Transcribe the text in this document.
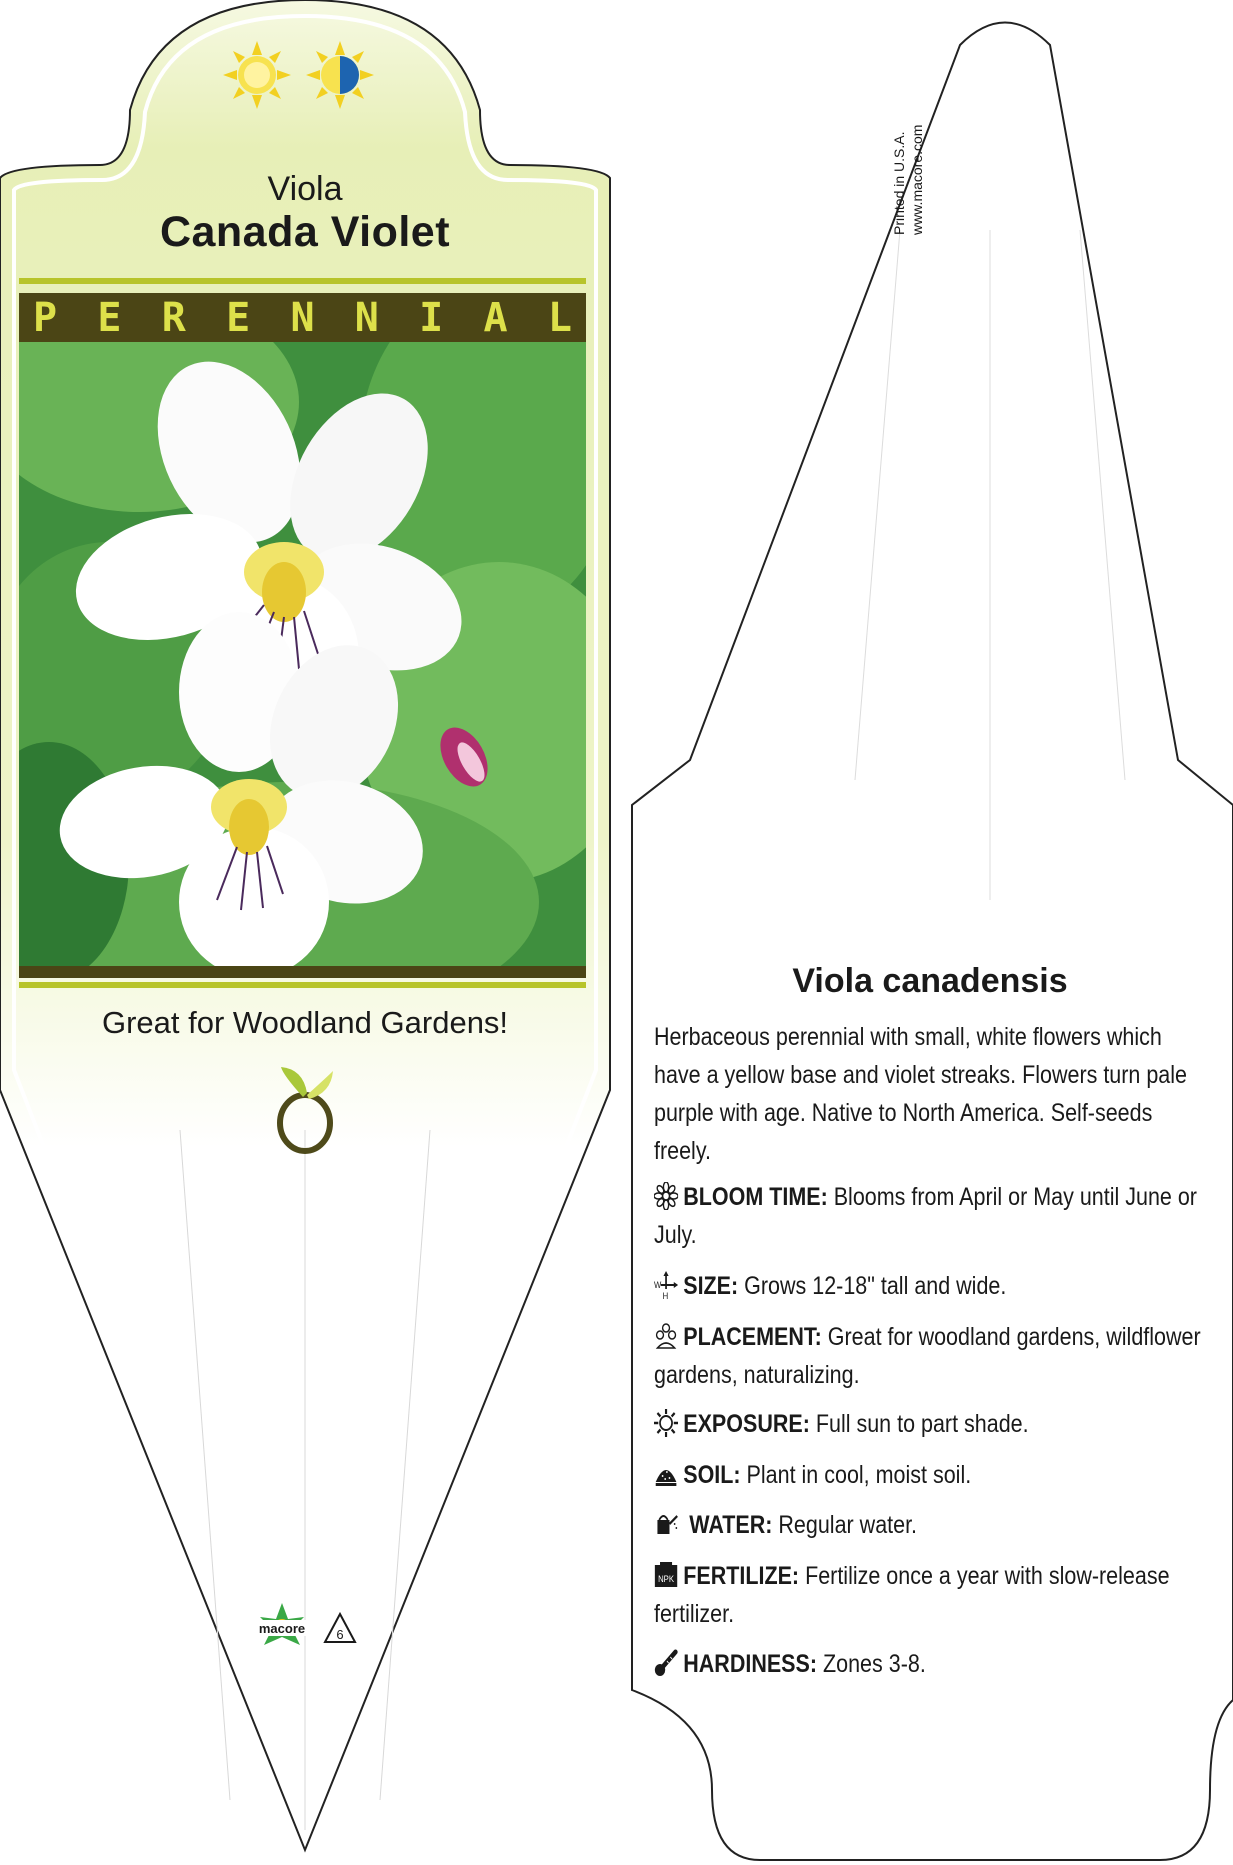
Viola
Canada Violet
P E R E N N I A L
Great for Woodland Gardens!
macore 6
Printed in U.S.A. www.macore.com
Viola canadensis
Herbaceous perennial with small, white flowers which have a yellow base and violet streaks. Flowers turn pale purple with age. Native to North America. Self-seeds freely.
BLOOM TIME: Blooms from April or May until June or July.
W
H SIZE: Grows 12-18" tall and wide.
PLACEMENT: Great for woodland gardens, wildflower gardens, naturalizing.
EXPOSURE: Full sun to part shade.
SOIL: Plant in cool, moist soil.
WATER: Regular water.
NPK FERTILIZE: Fertilize once a year with slow-release fertilizer.
HARDINESS: Zones 3-8.
